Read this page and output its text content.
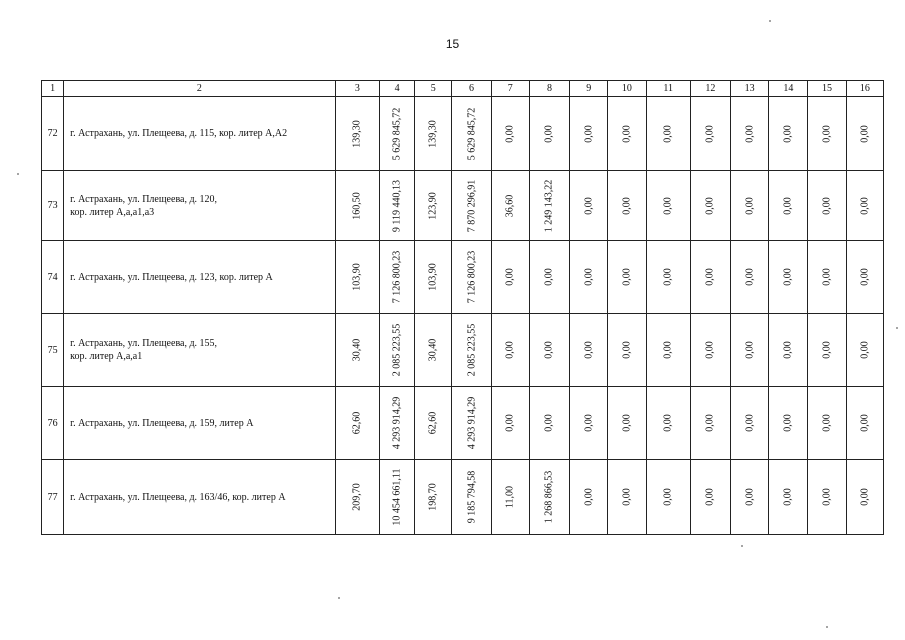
15
1	2	3	4	5	6	7	8	9	10	11	12	13	14	15	16
72	г. Астрахань, ул. Плещеева, д. 115, кор. литер А,А2	139,30	5 629 845,72	139,30	5 629 845,72	0,00	0,00	0,00	0,00	0,00	0,00	0,00	0,00	0,00	0,00

73	г. Астрахань, ул. Плещеева, д. 120,
кор. литер А,а,а1,а3	160,50	9 119 440,13	123,90	7 870 296,91	36,60	1 249 143,22	0,00	0,00	0,00	0,00	0,00	0,00	0,00	0,00

74	г. Астрахань, ул. Плещеева, д. 123, кор. литер А	103,90	7 126 800,23	103,90	7 126 800,23	0,00	0,00	0,00	0,00	0,00	0,00	0,00	0,00	0,00	0,00

75	г. Астрахань, ул. Плещеева, д. 155,
кор. литер А,а,а1	30,40	2 085 223,55	30,40	2 085 223,55	0,00	0,00	0,00	0,00	0,00	0,00	0,00	0,00	0,00	0,00

76	г. Астрахань, ул. Плещеева, д. 159, литер А	62,60	4 293 914,29	62,60	4 293 914,29	0,00	0,00	0,00	0,00	0,00	0,00	0,00	0,00	0,00	0,00

77	г. Астрахань, ул. Плещеева, д. 163/46, кор. литер А	209,70	10 454 661,11	198,70	9 185 794,58	11,00	1 268 866,53	0,00	0,00	0,00	0,00	0,00	0,00	0,00	0,00
